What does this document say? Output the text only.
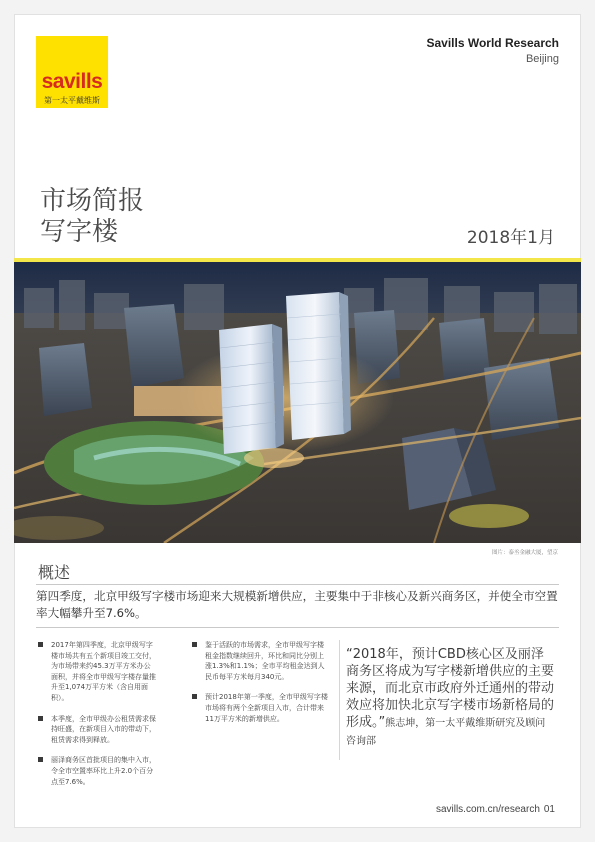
savills
第一太平戴维斯
Savills World Research
Beijing
市场简报
写字楼	2018年1月
图片：泰丞金融大厦，望京
概述
第四季度，北京甲级写字楼市场迎来大规模新增供应，主要集中于非核心及新兴商务区，并使全市空置率大幅攀升至7.6%。
2017年第四季度，北京甲级写字楼市场共有五个新项目竣工交付，为市场带来约45.3万平方米办公面积，并将全市甲级写字楼存量推升至1,074万平方米（含自用面积）。
本季度，全市甲级办公租赁需求保持旺盛，在新项目入市的带动下，租赁需求得到释放。
丽泽商务区首批项目的集中入市，令全市空置率环比上升2.0个百分点至7.6%。
鉴于活跃的市场需求，全市甲级写字楼租金指数继续回升，环比和同比分别上涨1.3%和1.1%；全市平均租金达到人民币每平方米每月340元。
预计2018年第一季度，全市甲级写字楼市场将有两个全新项目入市，合计带来11万平方米的新增供应。
“2018年，预计CBD核心区及丽泽商务区将成为写字楼新增供应的主要来源，而北京市政府外迁通州的带动效应将加快北京写字楼市场新格局的形成。”熊志坤，第一太平戴维斯研究及顾问咨询部
savills.com.cn/research 01
